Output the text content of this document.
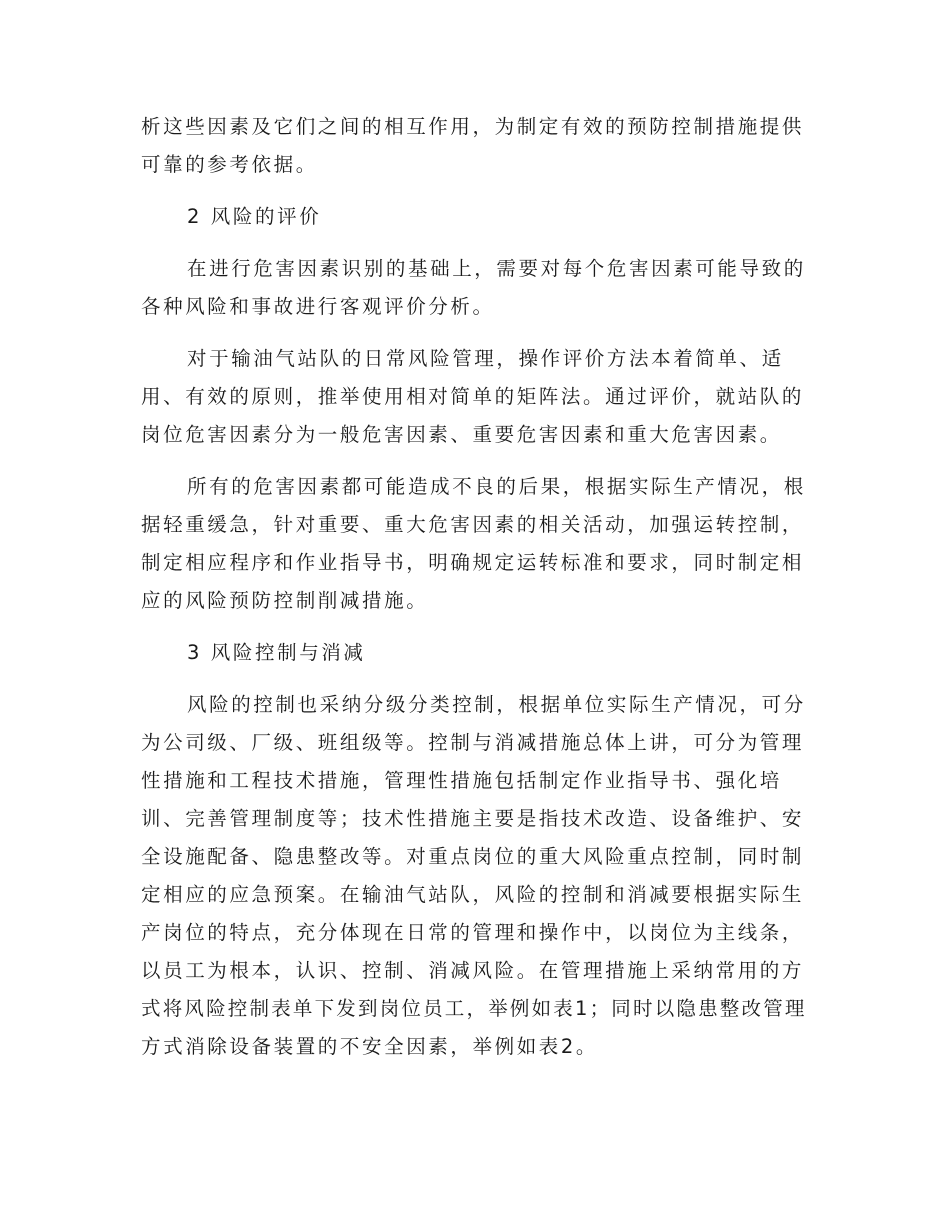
析这些因素及它们之间的相互作用，为制定有效的预防控制措施提供
可靠的参考依据。
2 风险的评价
在进行危害因素识别的基础上，需要对每个危害因素可能导致的
各种风险和事故进行客观评价分析。
对于输油气站队的日常风险管理，操作评价方法本着简单、适
用、有效的原则，推举使用相对简单的矩阵法。通过评价，就站队的
岗位危害因素分为一般危害因素、重要危害因素和重大危害因素。
所有的危害因素都可能造成不良的后果，根据实际生产情况，根
据轻重缓急，针对重要、重大危害因素的相关活动，加强运转控制，
制定相应程序和作业指导书，明确规定运转标准和要求，同时制定相
应的风险预防控制削减措施。
3 风险控制与消减
风险的控制也采纳分级分类控制，根据单位实际生产情况，可分
为公司级、厂级、班组级等。控制与消减措施总体上讲，可分为管理
性措施和工程技术措施，管理性措施包括制定作业指导书、强化培
训、完善管理制度等；技术性措施主要是指技术改造、设备维护、安
全设施配备、隐患整改等。对重点岗位的重大风险重点控制，同时制
定相应的应急预案。在输油气站队，风险的控制和消减要根据实际生
产岗位的特点，充分体现在日常的管理和操作中，以岗位为主线条，
以员工为根本，认识、控制、消减风险。在管理措施上采纳常用的方
式将风险控制表单下发到岗位员工，举例如表1；同时以隐患整改管理
方式消除设备装置的不安全因素，举例如表2。
